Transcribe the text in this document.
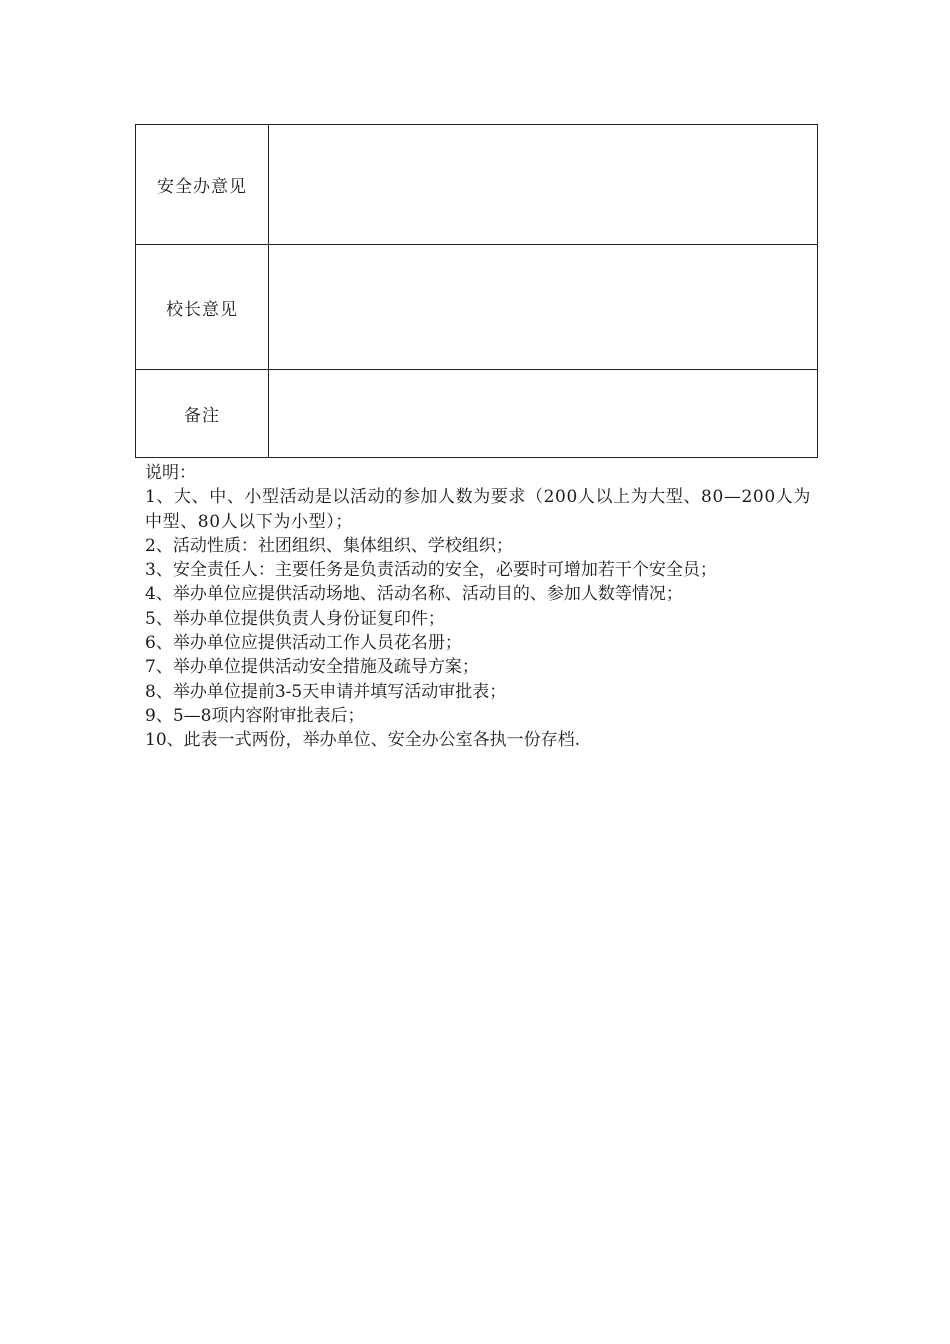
安全办意见	
校长意见	
备注	
说明：
1、大、中、小型活动是以活动的参加人数为要求（200人以上为大型、80—200人为中型、80人以下为小型）；
2、活动性质：社团组织、集体组织、学校组织；
3、安全责任人：主要任务是负责活动的安全，必要时可增加若干个安全员；
4、举办单位应提供活动场地、活动名称、活动目的、参加人数等情况；
5、举办单位提供负责人身份证复印件；
6、举办单位应提供活动工作人员花名册；
7、举办单位提供活动安全措施及疏导方案；
8、举办单位提前3-5天申请并填写活动审批表；
9、5—8项内容附审批表后；
10、此表一式两份，举办单位、安全办公室各执一份存档.
